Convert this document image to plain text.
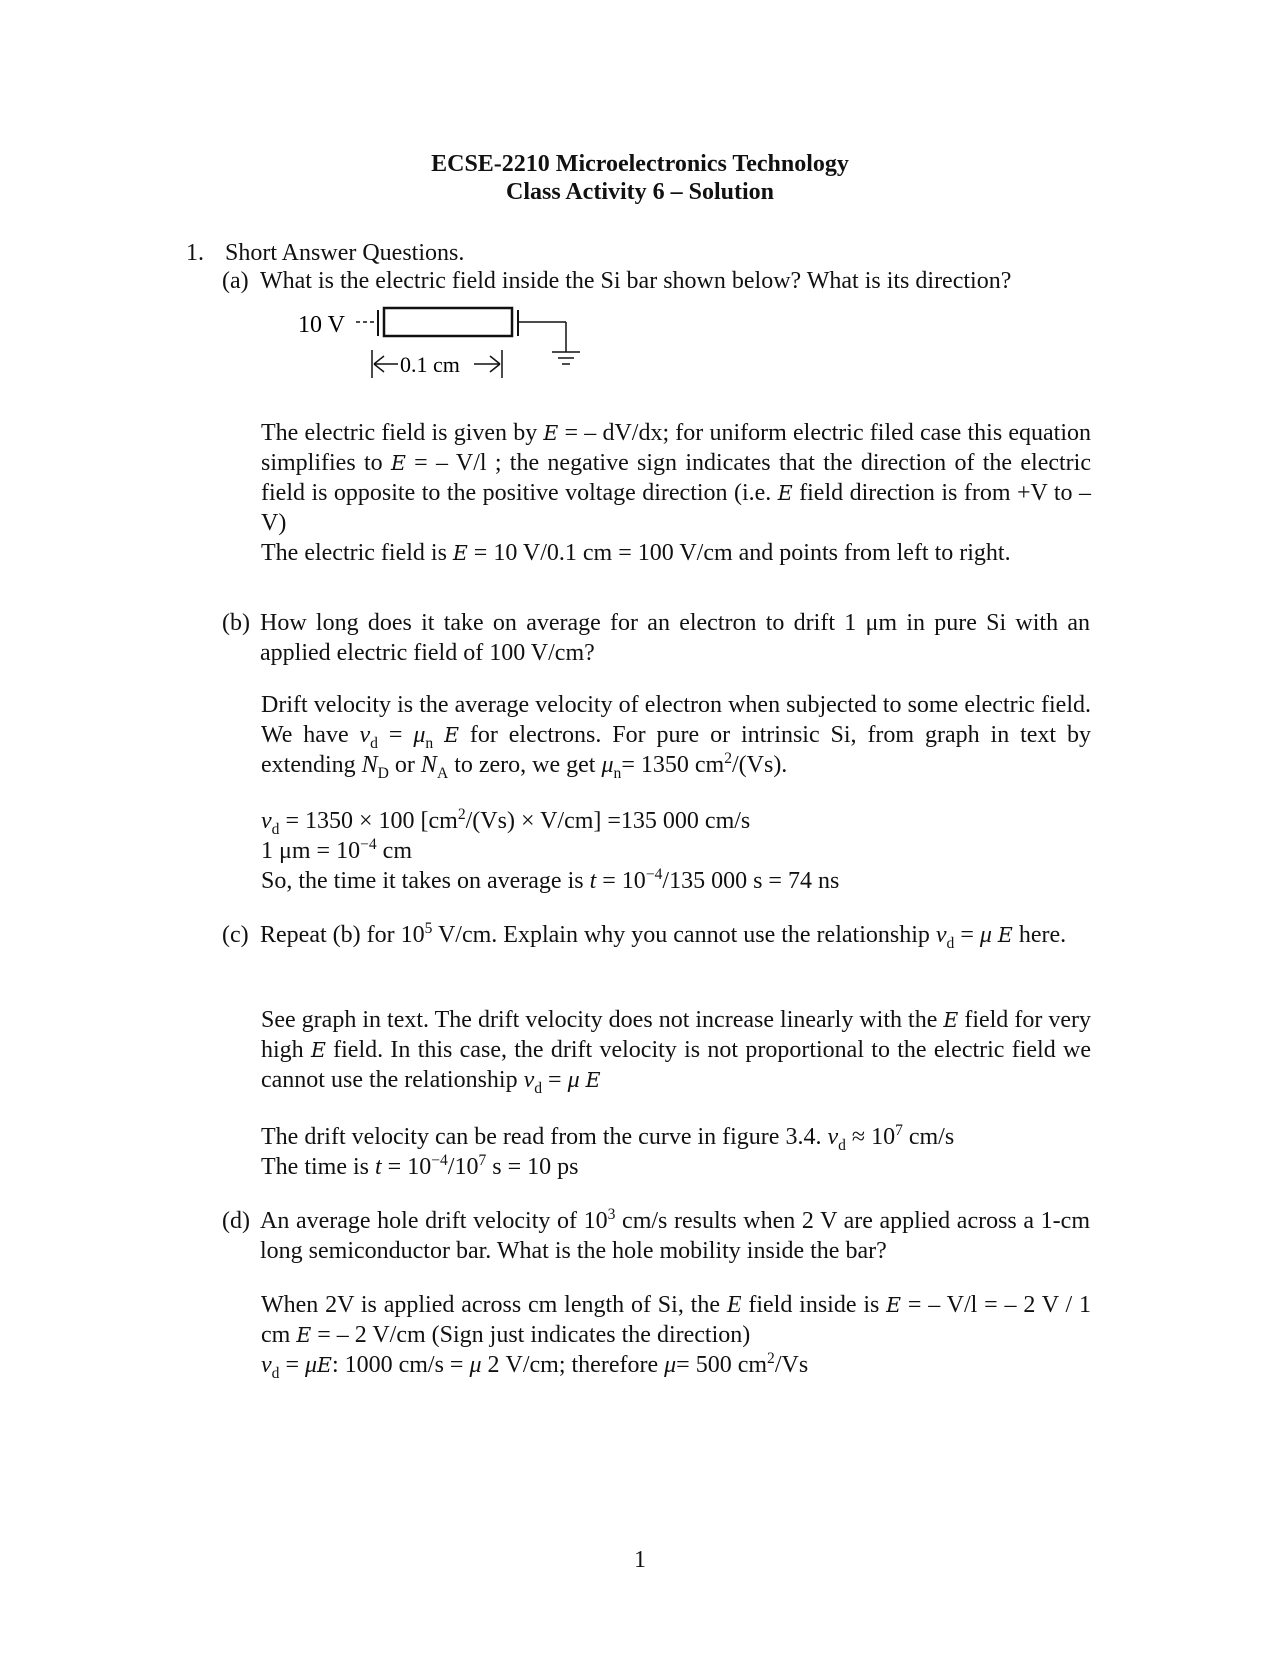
ECSE-2210 Microelectronics Technology
Class Activity 6 – Solution
1. Short Answer Questions.
(a) What is the electric field inside the Si bar shown below? What is its direction?
10 V
0.1 cm

The electric field is given by E = – dV/dx; for uniform electric filed case this equation simplifies to E = – V/l ; the negative sign indicates that the direction of the electric field is opposite to the positive voltage direction (i.e. E field direction is from +V to –V)

The electric field is E = 10 V/0.1 cm = 100 V/cm and points from left to right.

(b) How long does it take on average for an electron to drift 1 μm in pure Si with an applied electric field of 100 V/cm?

Drift velocity is the average velocity of electron when subjected to some electric field. We have $v_d = \mu_n$ E for electrons. For pure or intrinsic Si, from graph in text by extending $N_D$ or $N_A$ to zero, we get $\mu_n= 1350$ $cm^2/(Vs)$.

$v_d = 1350 \times 100$ $[cm^2/(Vs) \times V/cm] =135$ 000 cm/s
1 $\mu m = 10^{-4}$ cm
So, the time it takes on average is $t = 10^{-4}/135$ 000 s = 74 ns
(c) Repeat (b) for $10^5$ V/cm. Explain why you cannot use the relationship $v_d = \mu$ E here.

See graph in text. The drift velocity does not increase linearly with the E field for very high E field. In this case, the drift velocity is not proportional to the electric field we cannot use the relationship $v_d = \mu$ E

The drift velocity can be read from the curve in figure 3.4. $v_d \approx 10^7$ cm/s
The time is $t = 10^{-4}/10^7$ s = 10 ps
(d) An average hole drift velocity of $10^3$ cm/s results when 2 V are applied across a 1-cm long semiconductor bar. What is the hole mobility inside the bar?

When 2V is applied across cm length of Si, the E field inside is E = – V/l = – 2 V / 1 cm E = – 2 V/cm (Sign just indicates the direction)

$v_d = \mu E$: 1000 cm/s = μ 2 V/cm; therefore μ= 500 $cm^2/Vs$

1
